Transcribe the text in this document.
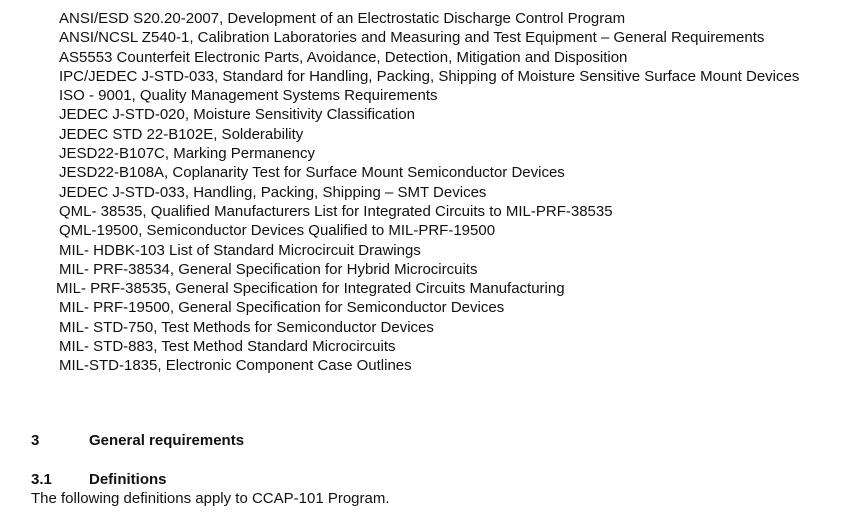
ANSI/ESD S20.20-2007, Development of an Electrostatic Discharge Control Program
ANSI/NCSL Z540-1, Calibration Laboratories and Measuring and Test Equipment – General Requirements
AS5553 Counterfeit Electronic Parts, Avoidance, Detection, Mitigation and Disposition
IPC/JEDEC J-STD-033, Standard for Handling, Packing, Shipping of Moisture Sensitive Surface Mount Devices
ISO - 9001, Quality Management Systems Requirements
JEDEC J-STD-020, Moisture Sensitivity Classification
JEDEC STD 22-B102E, Solderability
JESD22-B107C, Marking Permanency
JESD22-B108A, Coplanarity Test for Surface Mount Semiconductor Devices
JEDEC J-STD-033, Handling, Packing, Shipping – SMT Devices
QML- 38535, Qualified Manufacturers List for Integrated Circuits to MIL-PRF-38535
QML-19500, Semiconductor Devices Qualified to MIL-PRF-19500
MIL- HDBK-103 List of Standard Microcircuit Drawings
MIL- PRF-38534, General Specification for Hybrid Microcircuits
MIL- PRF-38535, General Specification for Integrated Circuits Manufacturing
MIL- PRF-19500, General Specification for Semiconductor Devices
MIL- STD-750, Test Methods for Semiconductor Devices
MIL- STD-883, Test Method Standard Microcircuits
MIL-STD-1835, Electronic Component Case Outlines
3	General requirements
3.1 Definitions

The following definitions apply to CCAP-101 Program.
